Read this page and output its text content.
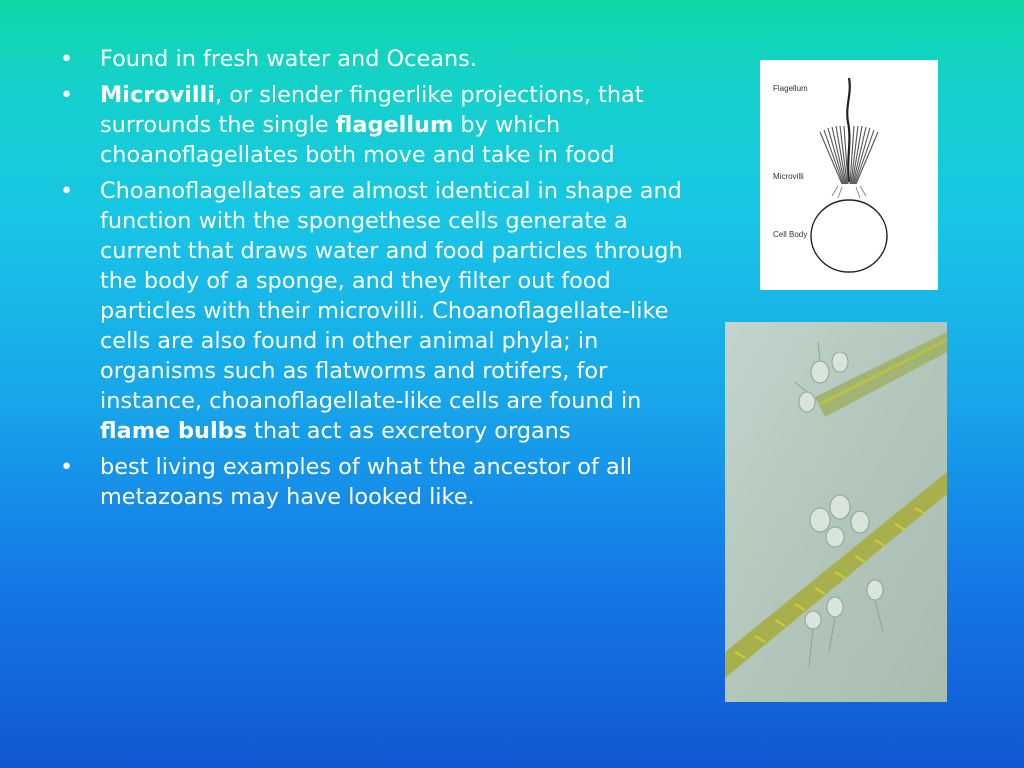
•	Found in fresh water and Oceans.
•	Microvilli, or slender fingerlike projections, that surrounds the single flagellum by which choanoflagellates both move and take in food
•	Choanoflagellates are almost identical in shape and function with the spongethese cells generate a current that draws water and food particles through the body of a sponge, and they filter out food particles with their microvilli. Choanoflagellate-like cells are also found in other animal phyla; in organisms such as flatworms and rotifers, for instance, choanoflagellate-like cells are found in flame bulbs that act as excretory organs
•	best living examples of what the ancestor of all metazoans may have looked like.
Flagellum
Microvilli
Cell Body
